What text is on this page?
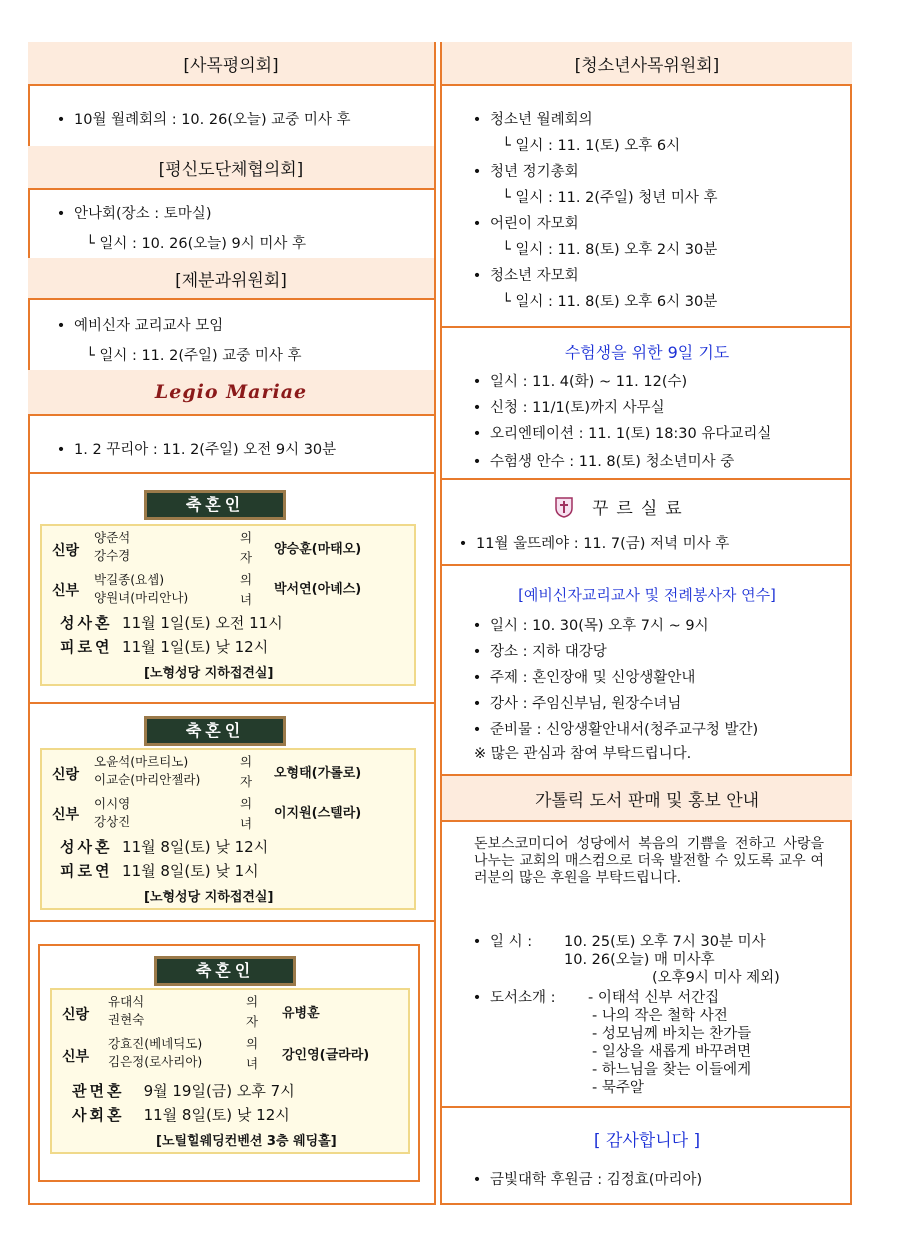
[사목평의회]
• 10월 월례회의 : 10. 26(오늘) 교중 미사 후
[평신도단체협의회]
• 안나회(장소 : 토마실)
└ 일시 : 10. 26(오늘) 9시 미사 후
[제분과위원회]
• 예비신자 교리교사 모임
└ 일시 : 11. 2(주일) 교중 미사 후
Legio Mariae
• 1. 2 꾸리아 : 11. 2(주일) 오전 9시 30분
축혼인
신랑
양준석
강수경
의
자
양승훈(마태오)
신부
박길종(요셉)
양원녀(마리안나)
의
녀
박서연(아녜스)
성사혼 11월 1일(토) 오전 11시
피로연 11월 1일(토) 낮 12시
[노형성당 지하접견실]
축혼인
신랑
오윤석(마르티노)
이교순(마리안젤라)
의
자
오형태(가롤로)
신부
이시영
강상진
의
녀
이지원(스텔라)
성사혼 11월 8일(토) 낮 12시
피로연 11월 8일(토) 낮 1시
[노형성당 지하접견실]
축혼인
신랑
유대식
권현숙
의
자
유병훈
신부
강효진(베네딕도)
김은정(로사리아)
의
녀
강인영(글라라)
관면혼 9월 19일(금) 오후 7시
사회혼 11월 8일(토) 낮 12시
[노틸힐웨딩컨벤션 3층 웨딩홀]
[청소년사목위원회]
• 청소년 월례회의
└ 일시 : 11. 1(토) 오후 6시
• 청년 정기총회
└ 일시 : 11. 2(주일) 청년 미사 후
• 어린이 자모회
└ 일시 : 11. 8(토) 오후 2시 30분
• 청소년 자모회
└ 일시 : 11. 8(토) 오후 6시 30분
수험생을 위한 9일 기도
• 일시 : 11. 4(화) ~ 11. 12(수)
• 신청 : 11/1(토)까지 사무실
• 오리엔테이션 : 11. 1(토) 18:30 유다교리실
• 수험생 안수 : 11. 8(토) 청소년미사 중
꾸르실료
• 11월 울뜨레야 : 11. 7(금) 저녁 미사 후
[예비신자교리교사 및 전례봉사자 연수]
• 일시 : 10. 30(목) 오후 7시 ~ 9시
• 장소 : 지하 대강당
• 주제 : 혼인장애 및 신앙생활안내
• 강사 : 주임신부님, 원장수녀님
• 준비물 : 신앙생활안내서(청주교구청 발간)
※ 많은 관심과 참여 부탁드립니다.
가톨릭 도서 판매 및 홍보 안내
돈보스코미디어 성당에서 복음의 기쁨을 전하고 사랑을 나누는 교회의 매스컴으로 더욱 발전할 수 있도록 교우 여러분의 많은 후원을 부탁드립니다.
• 일 시 : 10. 25(토) 오후 7시 30분 미사
10. 26(오늘) 매 미사후
(오후9시 미사 제외)
• 도서소개 : - 이태석 신부 서간집
- 나의 작은 철학 사전
- 성모님께 바치는 찬가들
- 일상을 새롭게 바꾸려면
- 하느님을 찾는 이들에게
- 묵주알
[ 감사합니다 ]
• 금빛대학 후원금 : 김정효(마리아)
